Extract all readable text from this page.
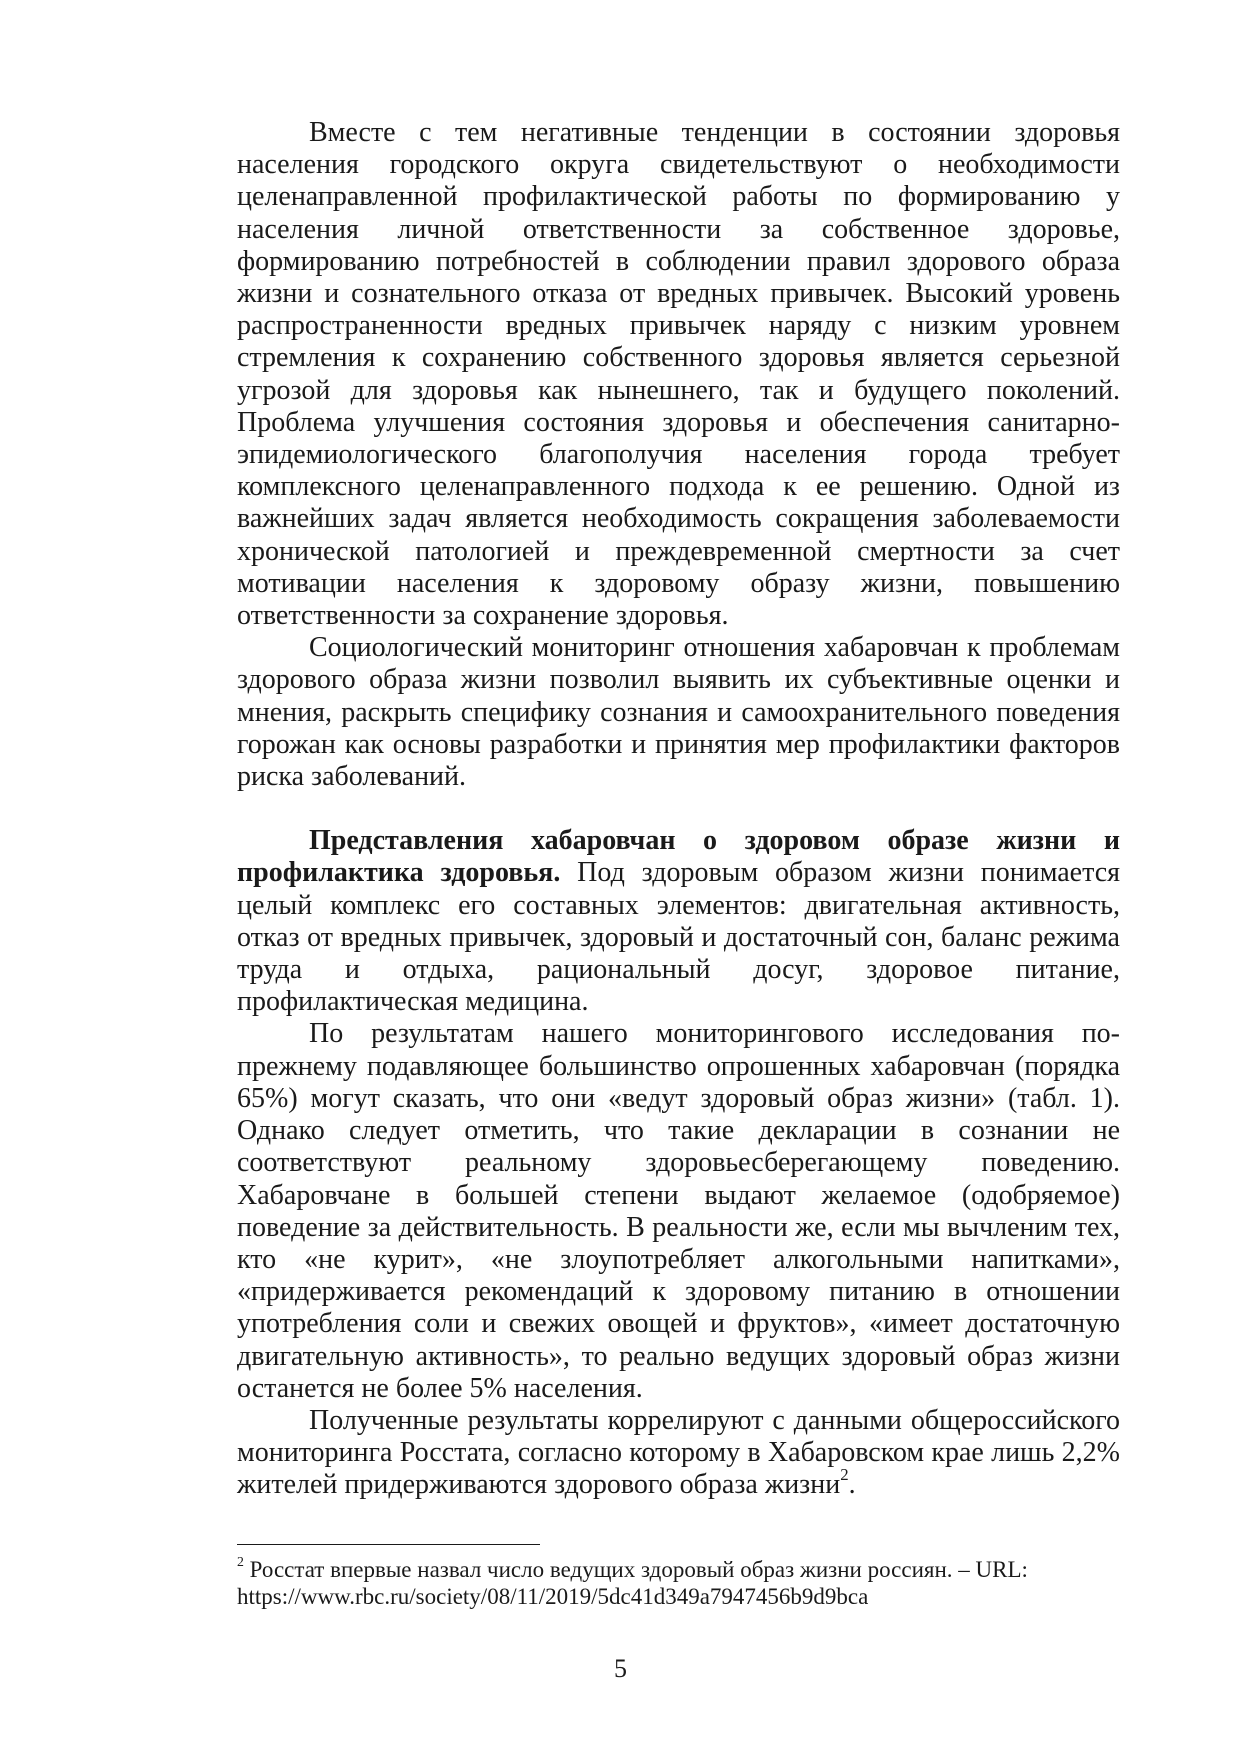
Вместе с тем негативные тенденции в состоянии здоровья населения городского округа свидетельствуют о необходимости целенаправленной профилактической работы по формированию у населения личной ответственности за собственное здоровье, формированию потребностей в соблюдении правил здорового образа жизни и сознательного отказа от вредных привычек. Высокий уровень распространенности вредных привычек наряду с низким уровнем стремления к сохранению собственного здоровья является серьезной угрозой для здоровья как нынешнего, так и будущего поколений. Проблема улучшения состояния здоровья и обеспечения санитарно-эпидемиологического благополучия населения города требует комплексного целенаправленного подхода к ее решению. Одной из важнейших задач является необходимость сокращения заболеваемости хронической патологией и преждевременной смертности за счет мотивации населения к здоровому образу жизни, повышению ответственности за сохранение здоровья.

Социологический мониторинг отношения хабаровчан к проблемам здорового образа жизни позволил выявить их субъективные оценки и мнения, раскрыть специфику сознания и самоохранительного поведения горожан как основы разработки и принятия мер профилактики факторов риска заболеваний.

Представления хабаровчан о здоровом образе жизни и профилактика здоровья. Под здоровым образом жизни понимается целый комплекс его составных элементов: двигательная активность, отказ от вредных привычек, здоровый и достаточный сон, баланс режима труда и отдыха, рациональный досуг, здоровое питание, профилактическая медицина.

По результатам нашего мониторингового исследования по-прежнему подавляющее большинство опрошенных хабаровчан (порядка 65%) могут сказать, что они «ведут здоровый образ жизни» (табл. 1). Однако следует отметить, что такие декларации в сознании не соответствуют реальному здоровьесберегающему поведению. Хабаровчане в большей степени выдают желаемое (одобряемое) поведение за действительность. В реальности же, если мы вычленим тех, кто «не курит», «не злоупотребляет алкогольными напитками», «придерживается рекомендаций к здоровому питанию в отношении употребления соли и свежих овощей и фруктов», «имеет достаточную двигательную активность», то реально ведущих здоровый образ жизни останется не более 5% населения.

Полученные результаты коррелируют с данными общероссийского мониторинга Росстата, согласно которому в Хабаровском крае лишь 2,2% жителей придерживаются здорового образа жизни$^2$.

$^2$ Росстат впервые назвал число ведущих здоровый образ жизни россиян. – URL:
https://www.rbc.ru/society/08/11/2019/5dc41d349a7947456b9d9bca
5
